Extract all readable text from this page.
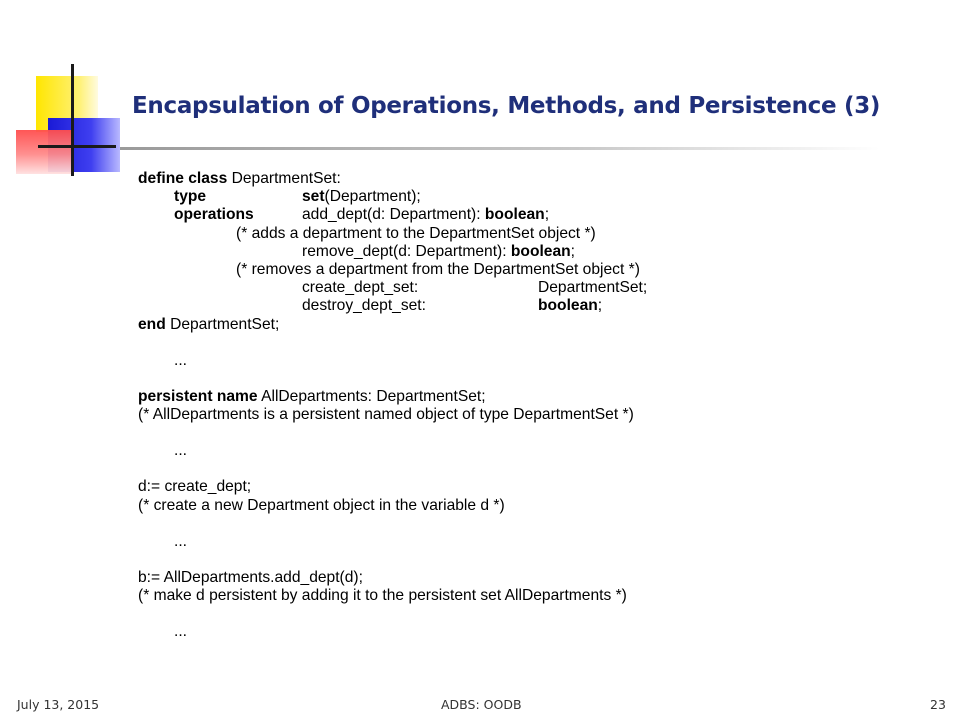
Encapsulation of Operations, Methods, and Persistence (3)
define class DepartmentSet:
type	set(Department);
operations	add_dept(d: Department): boolean;
(* adds a department to the DepartmentSet object *)
remove_dept(d: Department): boolean;
(* removes a department from the DepartmentSet object *)
create_dept_set:	DepartmentSet;
destroy_dept_set:	boolean;
end DepartmentSet;
...
persistent name AllDepartments: DepartmentSet;
(* AllDepartments is a persistent named object of type DepartmentSet *)
...
d:= create_dept;
(* create a new Department object in the variable d *)
...
b:= AllDepartments.add_dept(d);
(* make d persistent by adding it to the persistent set AllDepartments *)
...
July 13, 2015	ADBS: OODB	23
